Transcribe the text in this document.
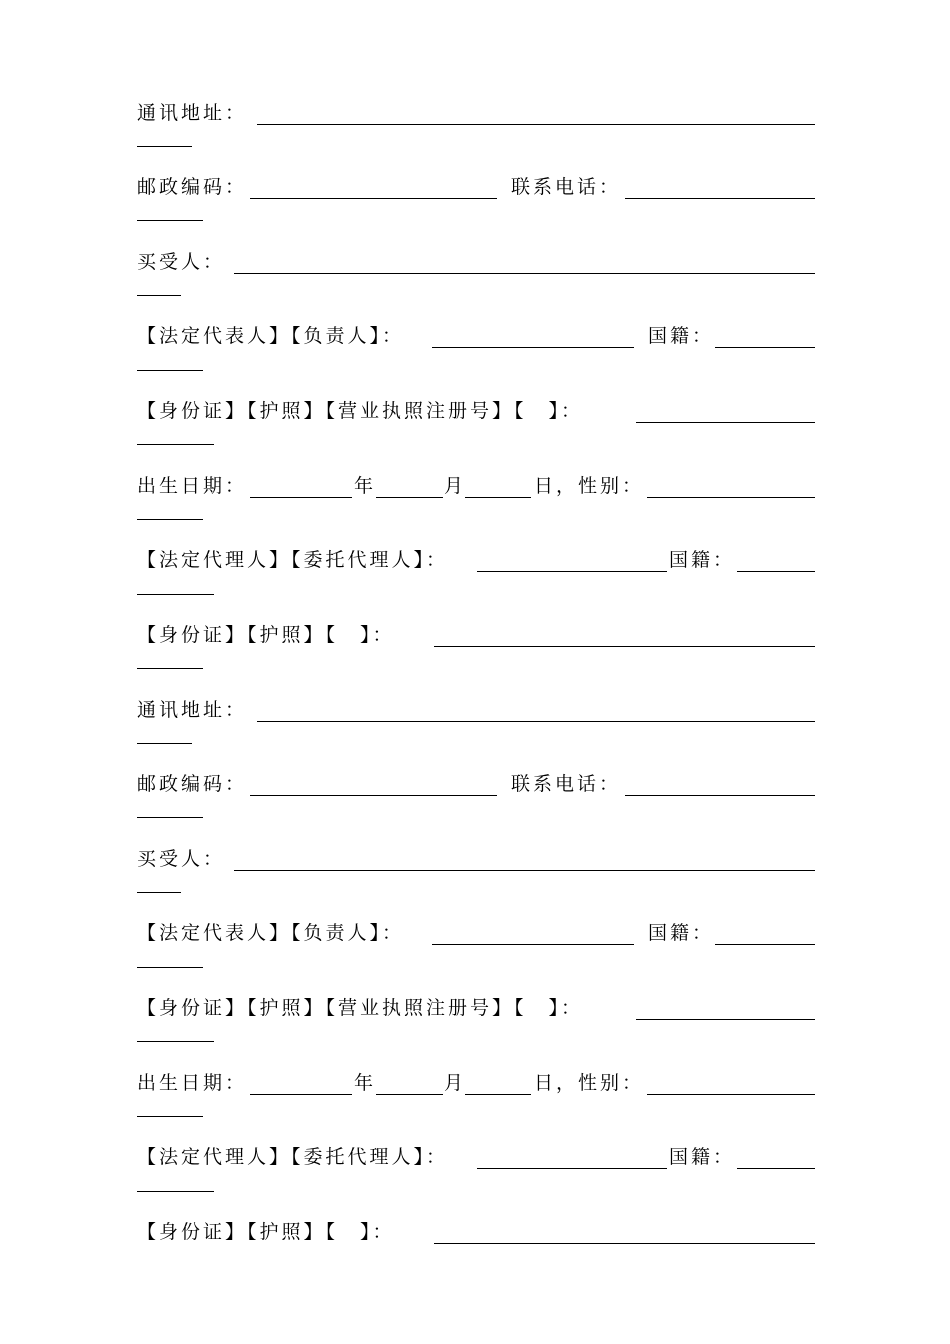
通讯地址：
邮政编码：	联系电话：
买受人：
【法定代表人】【负责人】：	国籍：
【身份证】【护照】【营业执照注册号】【　】：
出生日期：	年	月	日，性别：
【法定代理人】【委托代理人】：	国籍：
【身份证】【护照】【　】：
通讯地址：
邮政编码：	联系电话：
买受人：
【法定代表人】【负责人】：	国籍：
【身份证】【护照】【营业执照注册号】【　】：
出生日期：	年	月	日，性别：
【法定代理人】【委托代理人】：	国籍：
【身份证】【护照】【　】：
